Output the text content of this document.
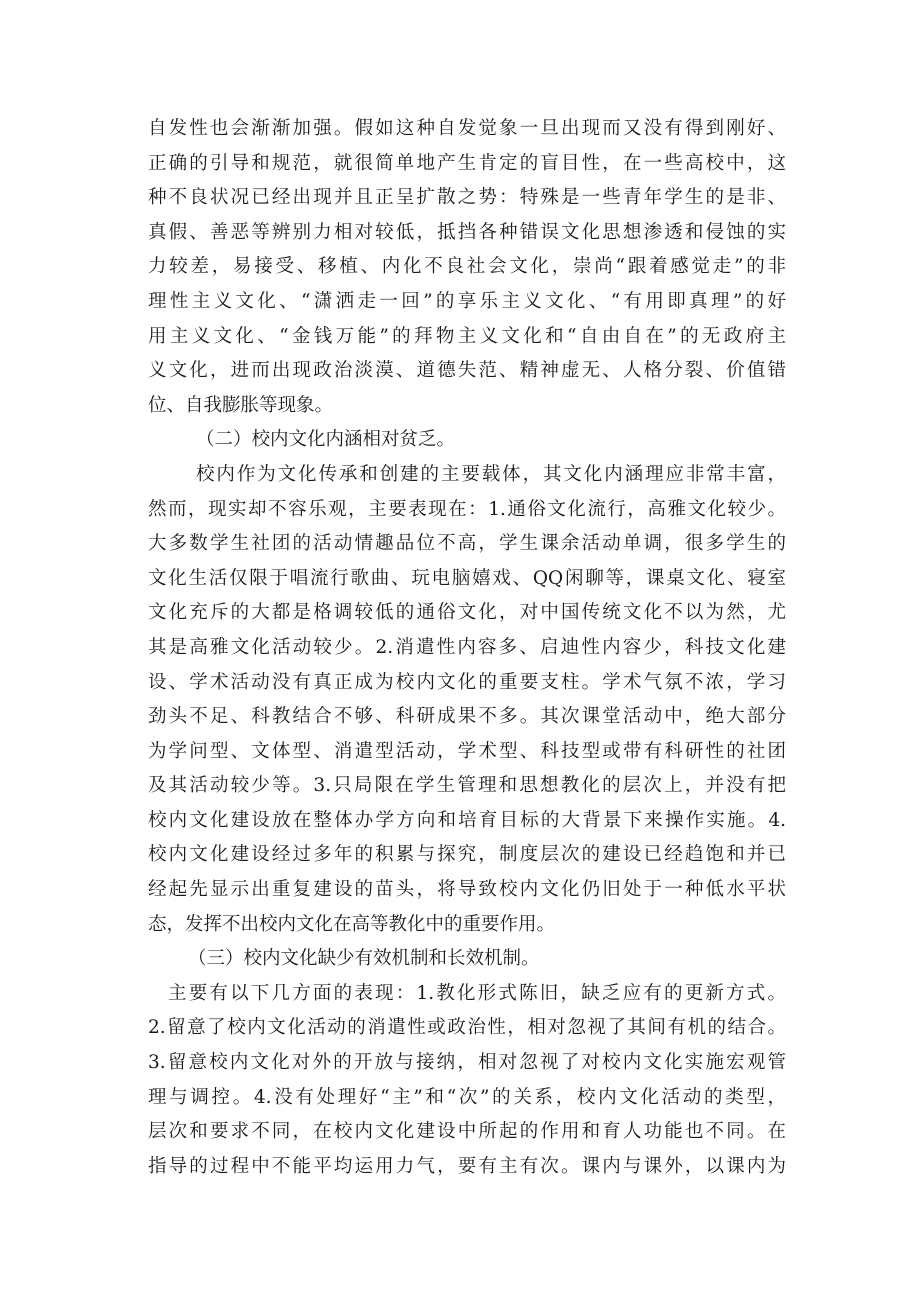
自发性也会渐渐加强。假如这种自发觉象一旦出现而又没有得到刚好、
正确的引导和规范，就很简单地产生肯定的盲目性，在一些高校中，这
种不良状况已经出现并且正呈扩散之势：特殊是一些青年学生的是非、
真假、善恶等辨别力相对较低，抵挡各种错误文化思想渗透和侵蚀的实
力较差，易接受、移植、内化不良社会文化，崇尚“跟着感觉走”的非
理性主义文化、“潇洒走一回”的享乐主义文化、“有用即真理”的好
用主义文化、“金钱万能”的拜物主义文化和“自由自在”的无政府主
义文化，进而出现政治淡漠、道德失范、精神虚无、人格分裂、价值错
位、自我膨胀等现象。
（二）校内文化内涵相对贫乏。
校内作为文化传承和创建的主要载体，其文化内涵理应非常丰富，
然而，现实却不容乐观，主要表现在：1.通俗文化流行，高雅文化较少。
大多数学生社团的活动情趣品位不高，学生课余活动单调，很多学生的
文化生活仅限于唱流行歌曲、玩电脑嬉戏、QQ闲聊等，课桌文化、寝室
文化充斥的大都是格调较低的通俗文化，对中国传统文化不以为然，尤
其是高雅文化活动较少。2.消遣性内容多、启迪性内容少，科技文化建
设、学术活动没有真正成为校内文化的重要支柱。学术气氛不浓，学习
劲头不足、科教结合不够、科研成果不多。其次课堂活动中，绝大部分
为学问型、文体型、消遣型活动，学术型、科技型或带有科研性的社团
及其活动较少等。3.只局限在学生管理和思想教化的层次上，并没有把
校内文化建设放在整体办学方向和培育目标的大背景下来操作实施。4.
校内文化建设经过多年的积累与探究，制度层次的建设已经趋饱和并已
经起先显示出重复建设的苗头，将导致校内文化仍旧处于一种低水平状
态，发挥不出校内文化在高等教化中的重要作用。
（三）校内文化缺少有效机制和长效机制。
主要有以下几方面的表现：1.教化形式陈旧，缺乏应有的更新方式。
2.留意了校内文化活动的消遣性或政治性，相对忽视了其间有机的结合。
3.留意校内文化对外的开放与接纳，相对忽视了对校内文化实施宏观管
理与调控。4.没有处理好“主”和“次”的关系，校内文化活动的类型，
层次和要求不同，在校内文化建设中所起的作用和育人功能也不同。在
指导的过程中不能平均运用力气，要有主有次。课内与课外，以课内为
